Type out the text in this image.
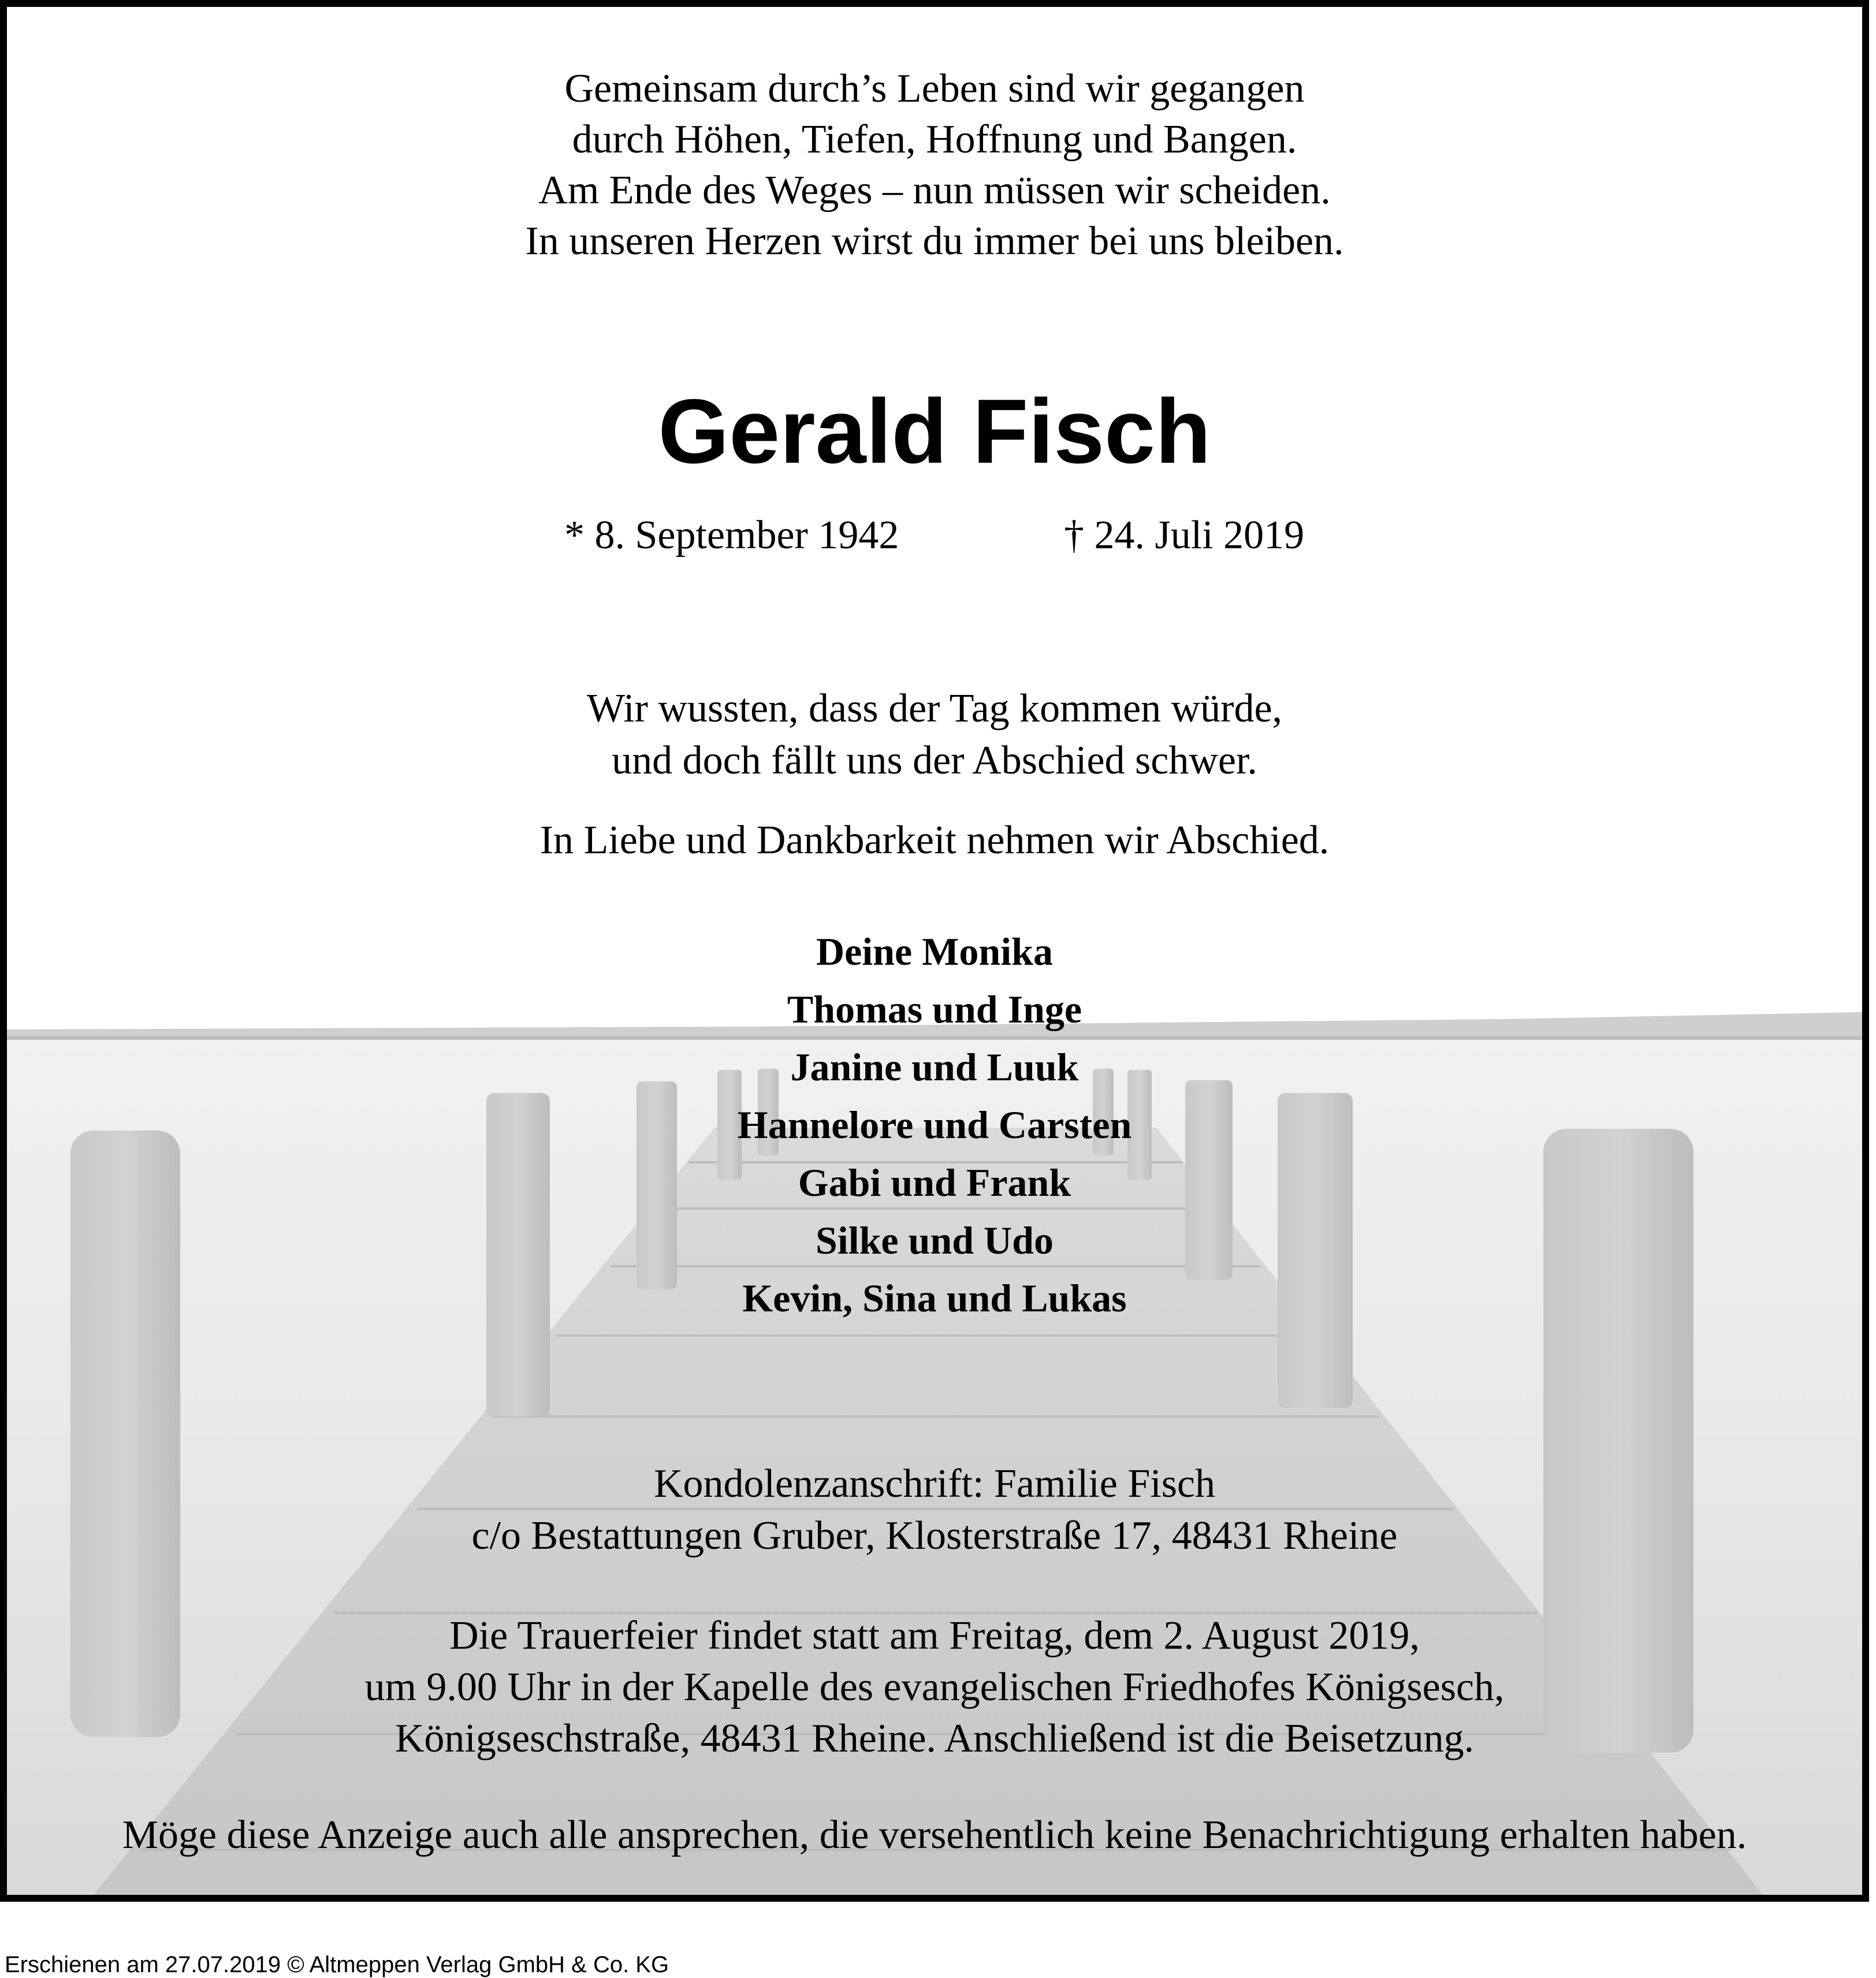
Gemeinsam durch’s Leben sind wir gegangen
durch Höhen, Tiefen, Hoffnung und Bangen.
Am Ende des Weges – nun müssen wir scheiden.
In unseren Herzen wirst du immer bei uns bleiben.
Gerald Fisch
* 8. September 1942	† 24. Juli 2019
Wir wussten, dass der Tag kommen würde,
und doch fällt uns der Abschied schwer.
In Liebe und Dankbarkeit nehmen wir Abschied.
Deine Monika
Thomas und Inge
Janine und Luuk
Hannelore und Carsten
Gabi und Frank
Silke und Udo
Kevin, Sina und Lukas
Kondolenzanschrift: Familie Fisch
c/o Bestattungen Gruber, Klosterstraße 17, 48431 Rheine
Die Trauerfeier findet statt am Freitag, dem 2. August 2019,
um 9.00 Uhr in der Kapelle des evangelischen Friedhofes Königsesch,
Königseschstraße, 48431 Rheine. Anschließend ist die Beisetzung.
Möge diese Anzeige auch alle ansprechen, die versehentlich keine Benachrichtigung erhalten haben.
Erschienen am 27.07.2019 © Altmeppen Verlag GmbH & Co. KG
